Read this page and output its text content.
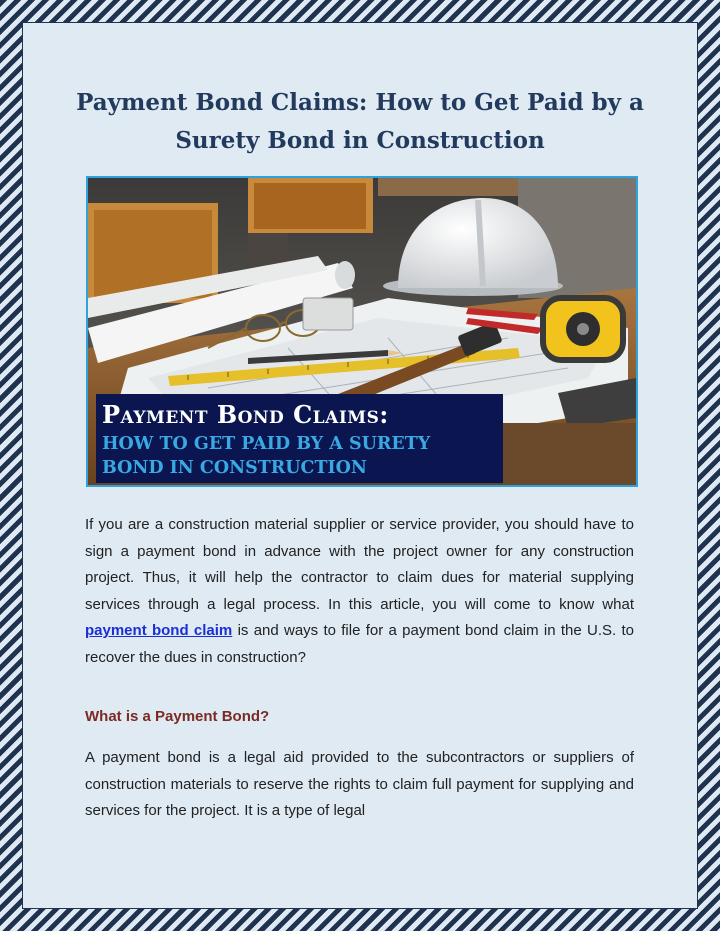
Payment Bond Claims: How to Get Paid by a Surety Bond in Construction
Payment Bond Claims:
HOW TO GET PAID BY A SURETY
BOND IN CONSTRUCTION
If you are a construction material supplier or service provider, you should have to sign a payment bond in advance with the project owner for any construction project. Thus, it will help the contractor to claim dues for material supplying services through a legal process. In this article, you will come to know what payment bond claim is and ways to file for a payment bond claim in the U.S. to recover the dues in construction?
What is a Payment Bond?
A payment bond is a legal aid provided to the subcontractors or suppliers of construction materials to reserve the rights to claim full payment for supplying and services for the project. It is a type of legal
